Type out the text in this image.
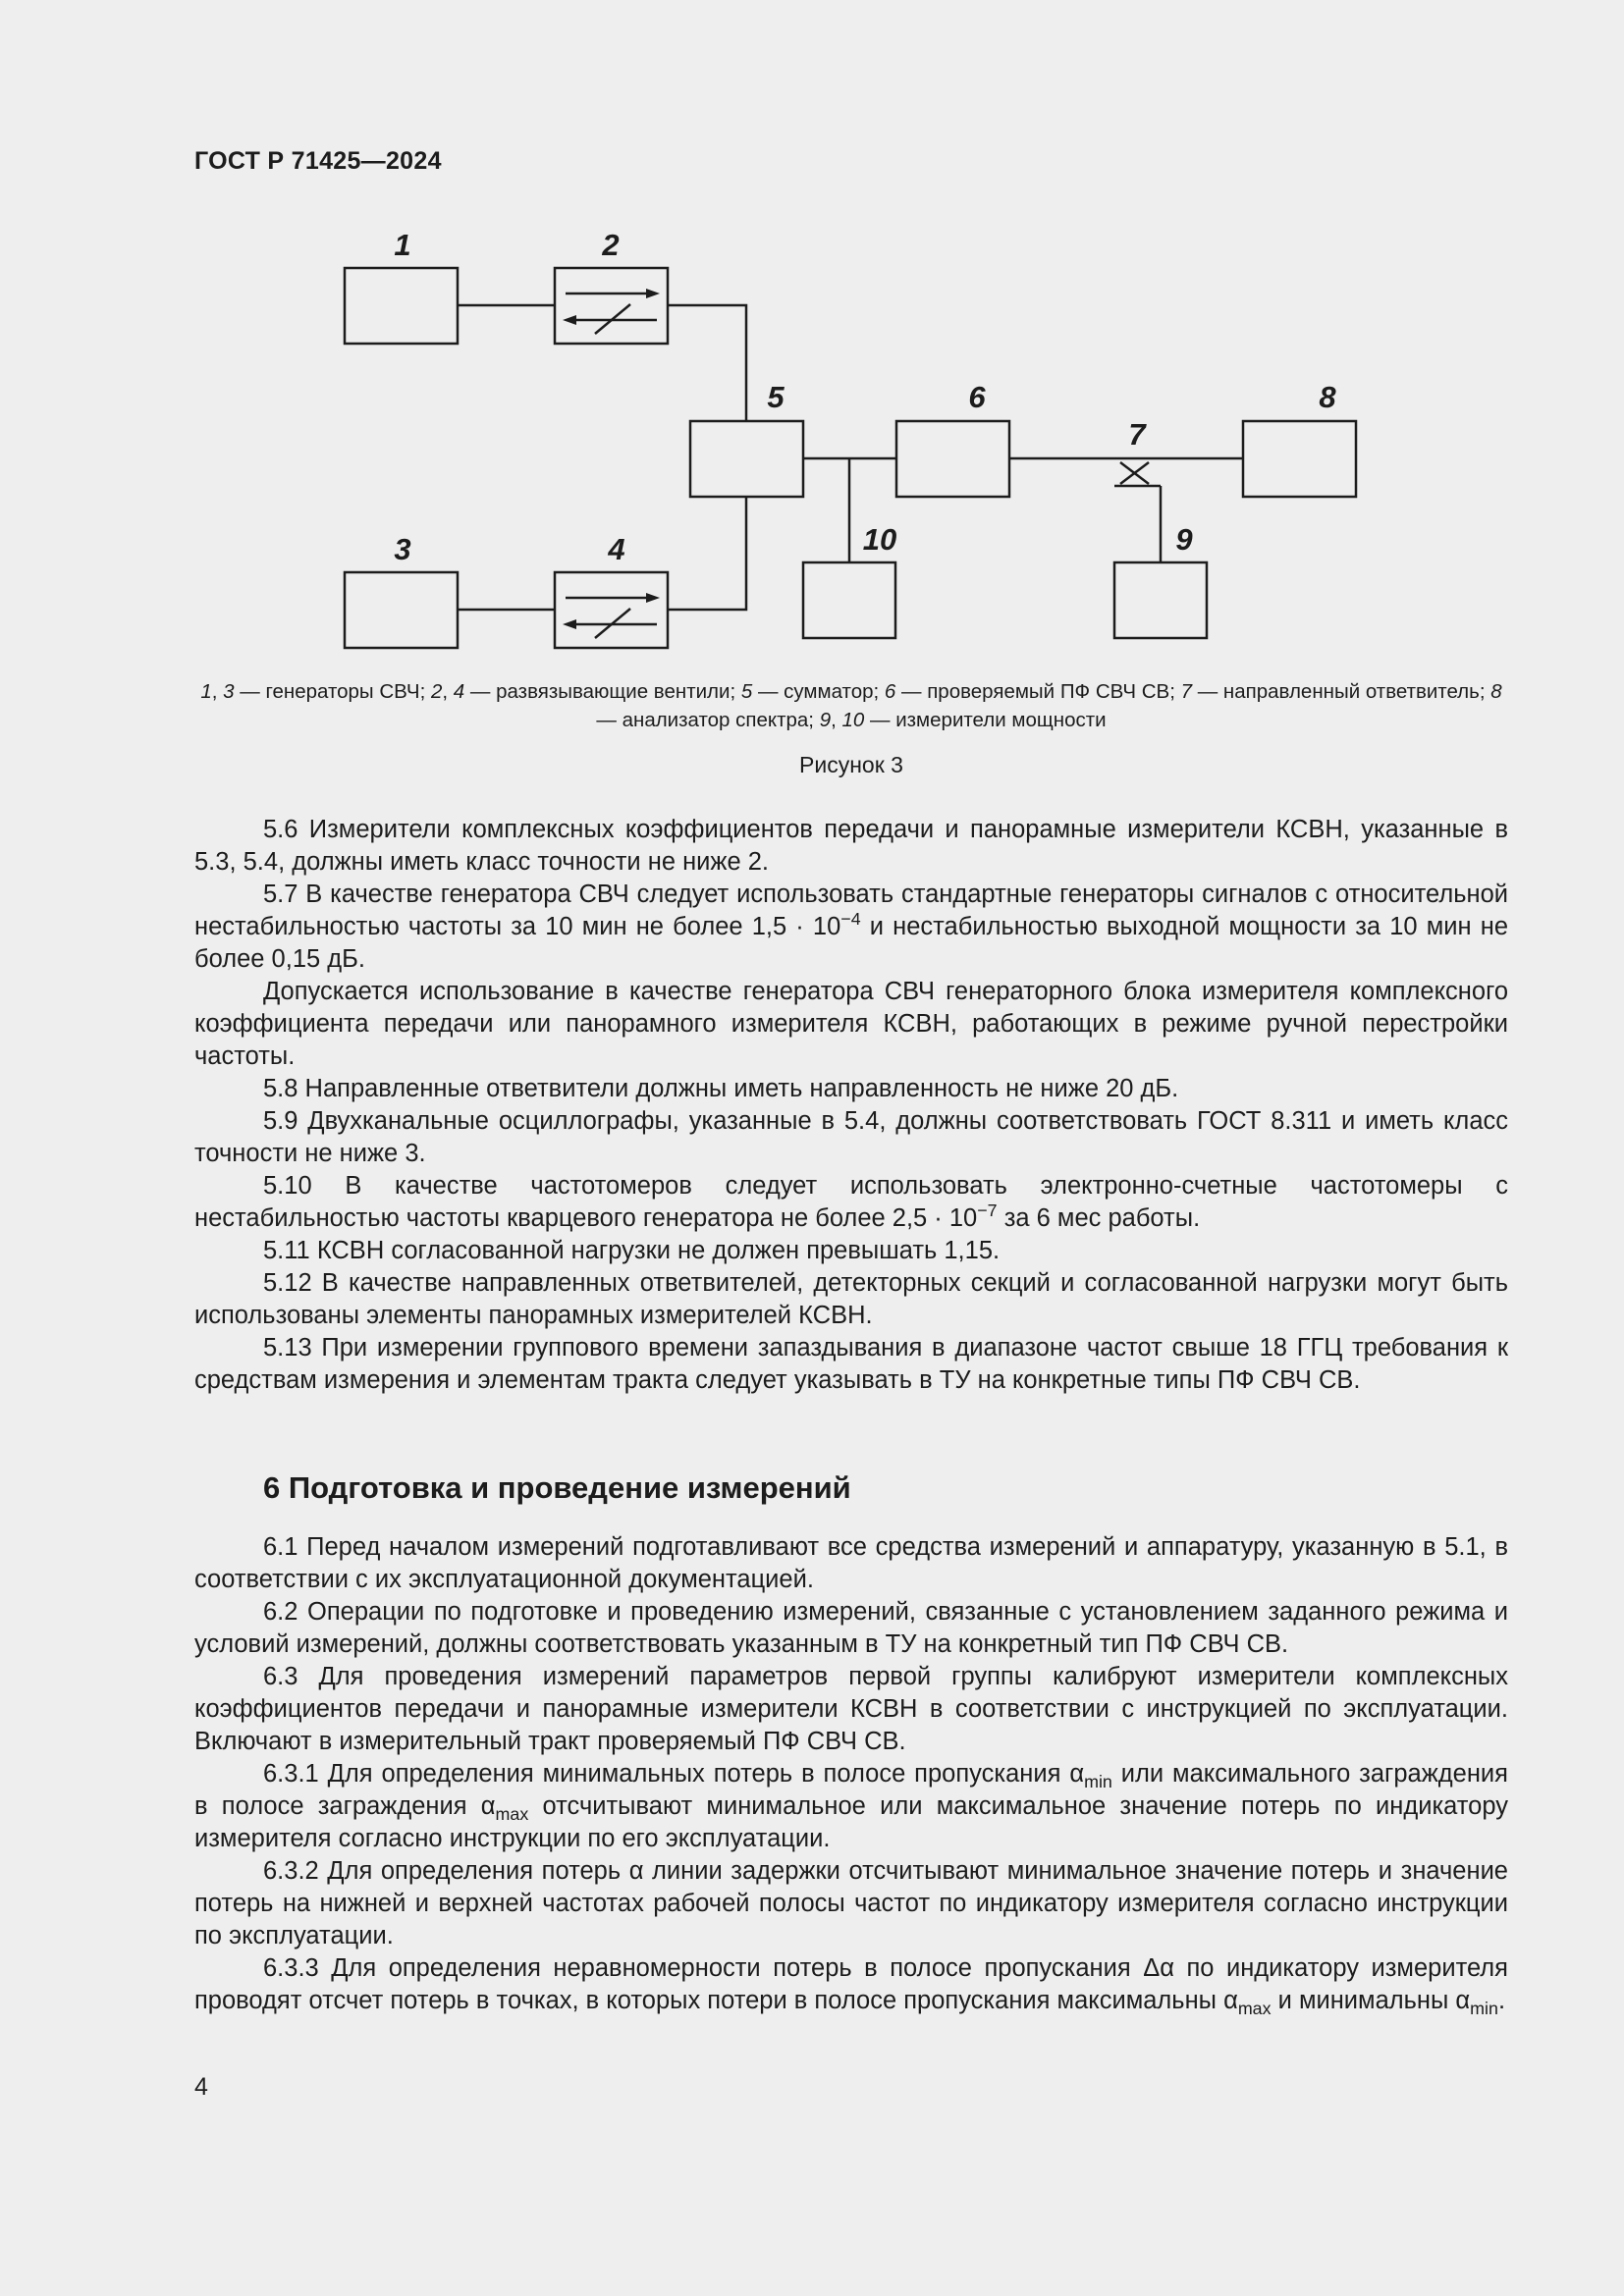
ГОСТ Р 71425—2024
1	2
3	4
5	6
7
8
9
10
1, 3 — генераторы СВЧ; 2, 4 — развязывающие вентили; 5 — сумматор; 6 — проверяемый ПФ СВЧ СВ; 7 — направленный ответвитель; 8 — анализатор спектра; 9, 10 — измерители мощности
Рисунок 3

5.6 Измерители комплексных коэффициентов передачи и панорамные измерители КСВН, указанные в 5.3, 5.4, должны иметь класс точности не ниже 2.

5.7 В качестве генератора СВЧ следует использовать стандартные генераторы сигналов с относительной нестабильностью частоты за 10 мин не более $1,5 \cdot 10^{-4}$ и нестабильностью выходной мощности за 10 мин не более 0,15 дБ.

Допускается использование в качестве генератора СВЧ генераторного блока измерителя комплексного коэффициента передачи или панорамного измерителя КСВН, работающих в режиме ручной перестройки частоты.

5.8 Направленные ответвители должны иметь направленность не ниже 20 дБ.

5.9 Двухканальные осциллографы, указанные в 5.4, должны соответствовать ГОСТ 8.311 и иметь класс точности не ниже 3.

5.10 В качестве частотомеров следует использовать электронно-счетные частотомеры с нестабильностью частоты кварцевого генератора не более $2,5 \cdot 10^{-7}$ за 6 мес работы.

5.11 КСВН согласованной нагрузки не должен превышать 1,15.

5.12 В качестве направленных ответвителей, детекторных секций и согласованной нагрузки могут быть использованы элементы панорамных измерителей КСВН.

5.13 При измерении группового времени запаздывания в диапазоне частот свыше 18 ГГЦ требования к средствам измерения и элементам тракта следует указывать в ТУ на конкретные типы ПФ СВЧ СВ.

6 Подготовка и проведение измерений

6.1 Перед началом измерений подготавливают все средства измерений и аппаратуру, указанную в 5.1, в соответствии с их эксплуатационной документацией.

6.2 Операции по подготовке и проведению измерений, связанные с установлением заданного режима и условий измерений, должны соответствовать указанным в ТУ на конкретный тип ПФ СВЧ СВ.

6.3 Для проведения измерений параметров первой группы калибруют измерители комплексных коэффициентов передачи и панорамные измерители КСВН в соответствии с инструкцией по эксплуатации. Включают в измерительный тракт проверяемый ПФ СВЧ СВ.

6.3.1 Для определения минимальных потерь в полосе пропускания $\alpha_{min}$ или максимального заграждения в полосе заграждения $\alpha_{max}$ отсчитывают минимальное или максимальное значение потерь по индикатору измерителя согласно инструкции по его эксплуатации.

6.3.2 Для определения потерь α линии задержки отсчитывают минимальное значение потерь и значение потерь на нижней и верхней частотах рабочей полосы частот по индикатору измерителя согласно инструкции по эксплуатации.

6.3.3 Для определения неравномерности потерь в полосе пропускания Δα по индикатору измерителя проводят отсчет потерь в точках, в которых потери в полосе пропускания максимальны $\alpha_{max}$ и минимальны $\alpha_{min}$.

4
